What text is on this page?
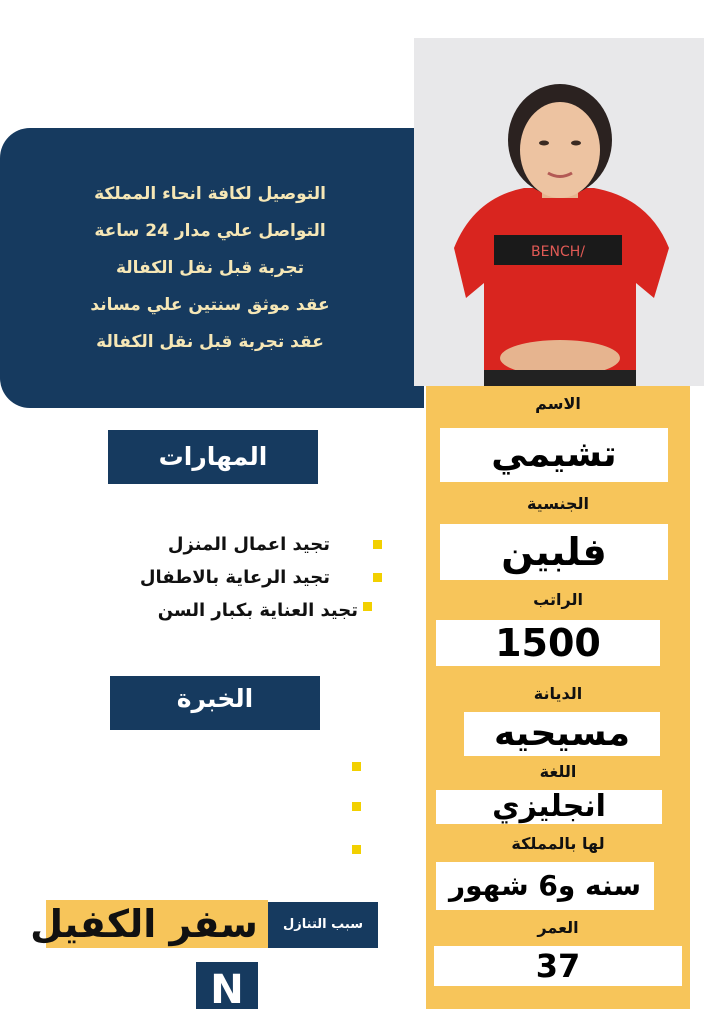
التوصيل لكافة انحاء المملكة
التواصل علي مدار 24 ساعة
تجربة قبل نقل الكفالة
عقد موثق سنتين علي مساند
عقد تجربة قبل نقل الكفالة
BENCH/
الاسم
تشيمي
الجنسية
فلبين
الراتب
1500
الديانة
مسيحيه
اللغة
انجليزي
لها بالمملكة
سنه و6 شهور
العمر
37
المهارات
تجيد اعمال المنزل
تجيد الرعاية بالاطفال
تجيد العناية بكبار السن
الخبرة
سبب التنازل
سفر الكفيل
N
